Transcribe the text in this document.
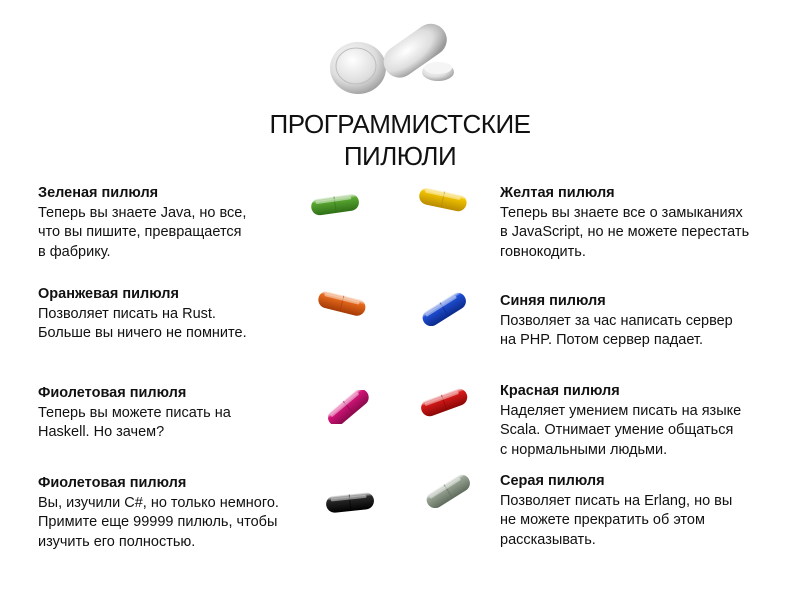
ПРОГРАММИСТСКИЕ
ПИЛЮЛИ
Зеленая пилюля
Теперь вы знаете Java, но все,
что вы пишите, превращается
в фабрику.
Оранжевая пилюля
Позволяет писать на Rust.
Больше вы ничего не помните.
Фиолетовая пилюля
Теперь вы можете писать на
Haskell. Но зачем?
Фиолетовая пилюля
Вы, изучили C#, но только немного.
Примите еще 99999 пилюль, чтобы
изучить его полностью.
Желтая пилюля
Теперь вы знаете все о замыканиях
в JavaScript, но не можете перестать
говнокодить.
Синяя пилюля
Позволяет за час написать сервер
на PHP. Потом сервер падает.
Красная пилюля
Наделяет умением писать на языке
Scala. Отнимает умение общаться
с нормальными людьми.
Серая пилюля
Позволяет писать на Erlang, но вы
не можете прекратить об этом
рассказывать.
